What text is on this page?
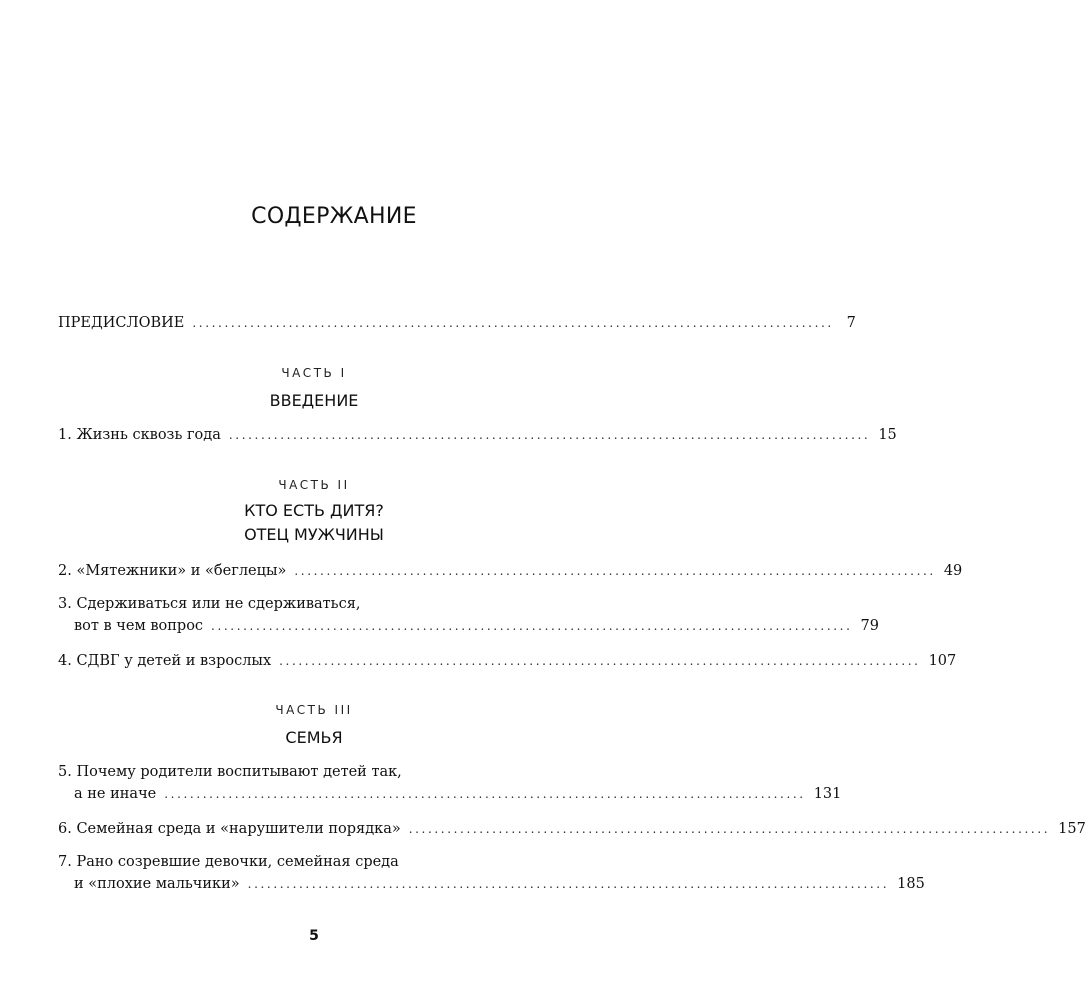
СОДЕРЖАНИЕ
ПРЕДИСЛОВИЕ .................................................................................................... 7
ЧАСТЬ I
ВВЕДЕНИЕ
1. Жизнь сквозь года .................................................................................................... 15
ЧАСТЬ II
КТО ЕСТЬ ДИТЯ?
ОТЕЦ МУЖЧИНЫ
2. «Мятежники» и «беглецы» .................................................................................................... 49
3. Сдерживаться или не сдерживаться,
вот в чем вопрос .................................................................................................... 79
4. СДВГ у детей и взрослых .................................................................................................... 107
ЧАСТЬ III
СЕМЬЯ
5. Почему родители воспитывают детей так,
а не иначе .................................................................................................... 131
6. Семейная среда и «нарушители порядка» .................................................................................................... 157
7. Рано созревшие девочки, семейная среда
и «плохие мальчики» .................................................................................................... 185
5
